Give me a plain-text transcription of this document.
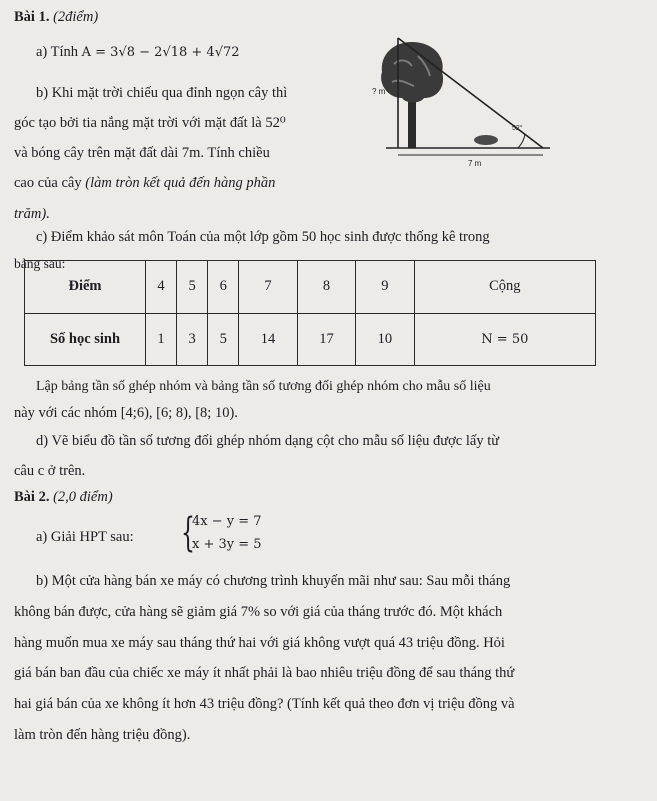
Bài 1. (2điểm)
a) Tính A = 3√8 − 2√18 + 4√72
b) Khi mặt trời chiếu qua đỉnh ngọn cây thì
góc tạo bởi tia nắng mặt trời với mặt đất là 52⁰
và bóng cây trên mặt đất dài 7m. Tính chiều
cao của cây (làm tròn kết quả đến hàng phần
trăm).
? m
52°
7 m
c) Điểm khảo sát môn Toán của một lớp gồm 50 học sinh được thống kê trong
bảng sau:
Điểm	4	5	6	7	8	9	Cộng
Số học sinh	1	3	5	14	17	10	N = 50
Lập bảng tần số ghép nhóm và bảng tần số tương đối ghép nhóm cho mẫu số liệu
này với các nhóm [4;6), [6; 8), [8; 10).
d) Vẽ biểu đồ tần số tương đối ghép nhóm dạng cột cho mẫu số liệu được lấy từ
câu c ở trên.
Bài 2. (2,0 điểm)
a) Giải HPT sau: {
4x − y = 7
x + 3y = 5
b) Một cửa hàng bán xe máy có chương trình khuyến mãi như sau: Sau mỗi tháng
không bán được, cửa hàng sẽ giảm giá 7% so với giá của tháng trước đó. Một khách
hàng muốn mua xe máy sau tháng thứ hai với giá không vượt quá 43 triệu đồng. Hỏi
giá bán ban đầu của chiếc xe máy ít nhất phải là bao nhiêu triệu đồng để sau tháng thứ
hai giá bán của xe không ít hơn 43 triệu đồng? (Tính kết quả theo đơn vị triệu đồng và
làm tròn đến hàng triệu đồng).
